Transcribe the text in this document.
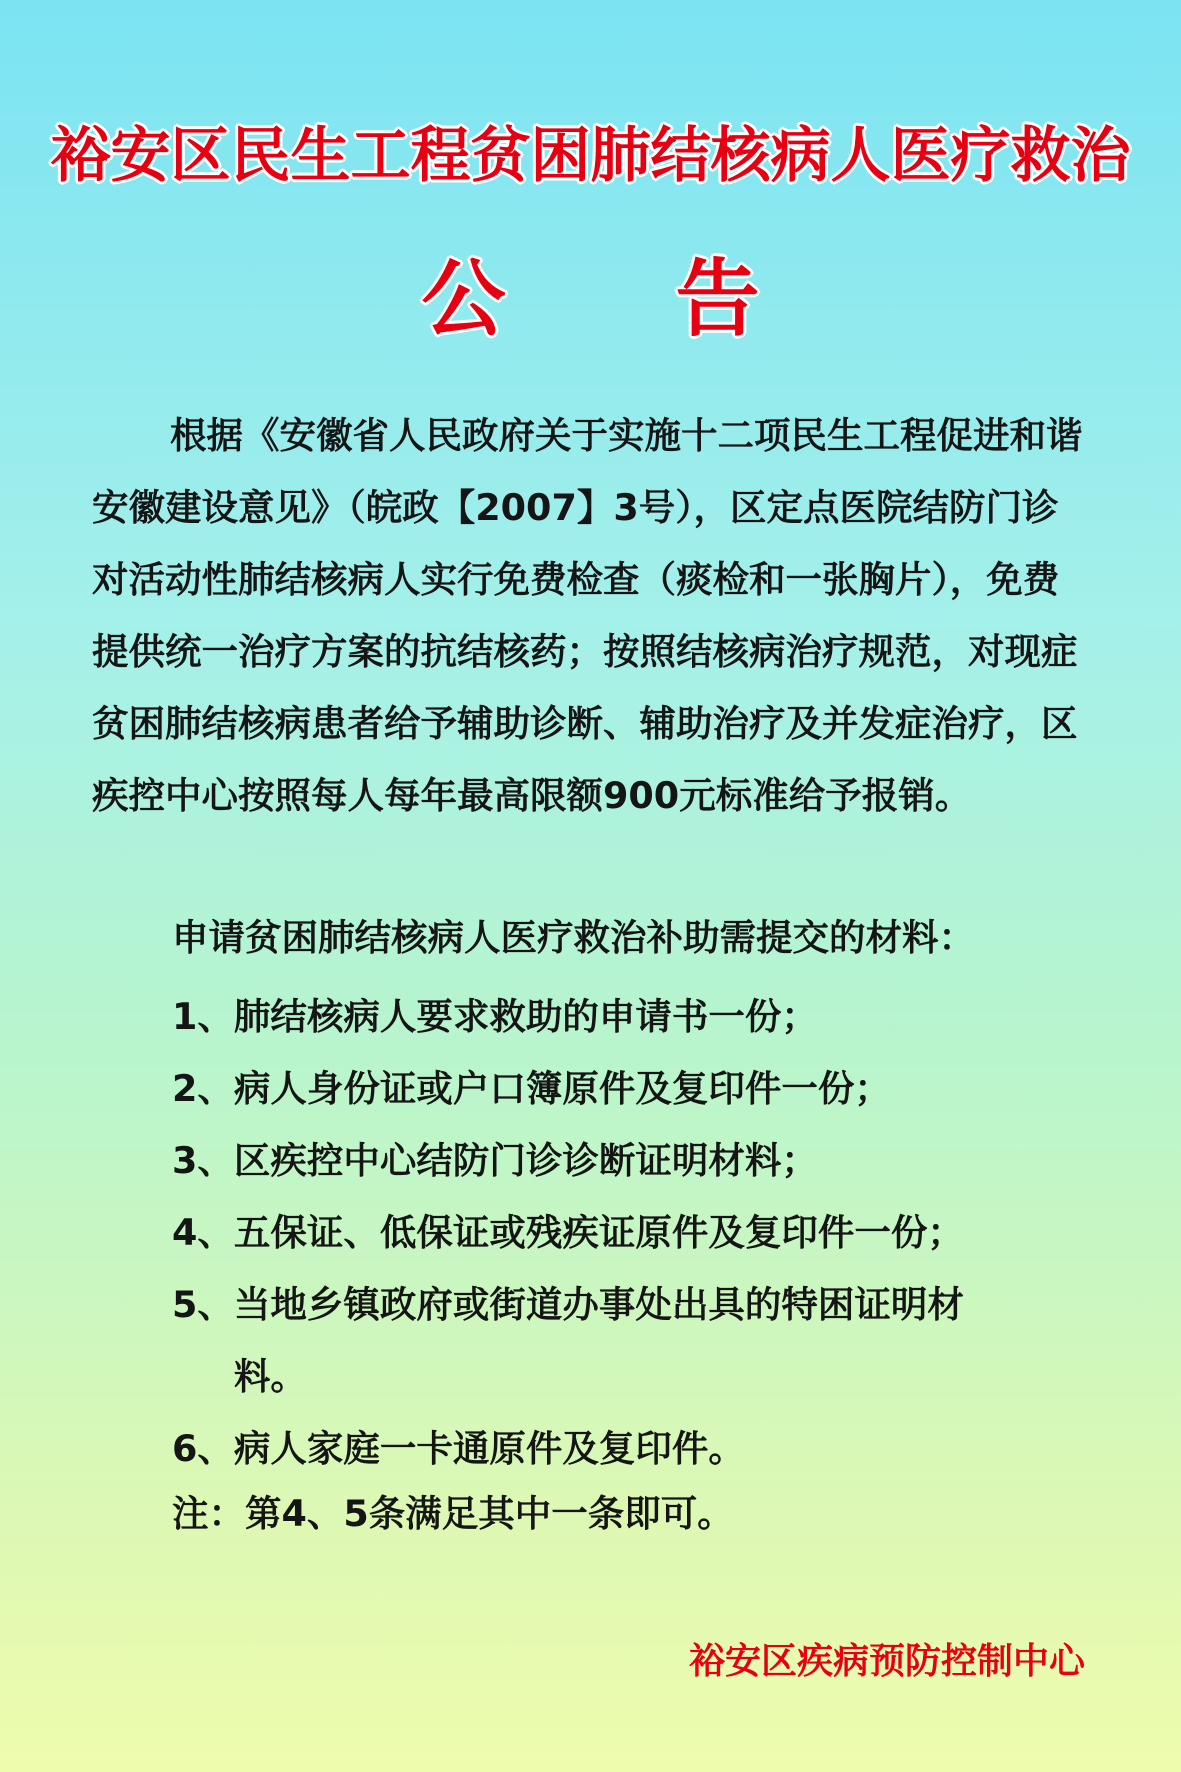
裕安区民生工程贫困肺结核病人医疗救治
公告
根据《安徽省人民政府关于实施十二项民生工程促进和谐安徽建设意见》（皖政【2007】3号），区定点医院结防门诊对活动性肺结核病人实行免费检查（痰检和一张胸片），免费提供统一治疗方案的抗结核药；按照结核病治疗规范，对现症贫困肺结核病患者给予辅助诊断、辅助治疗及并发症治疗，区疾控中心按照每人每年最高限额900元标准给予报销。
申请贫困肺结核病人医疗救治补助需提交的材料：
1、 肺结核病人要求救助的申请书一份；
2、 病人身份证或户口簿原件及复印件一份；
3、 区疾控中心结防门诊诊断证明材料；
4、 五保证、低保证或残疾证原件及复印件一份；
5、 当地乡镇政府或街道办事处出具的特困证明材料。
6、 病人家庭一卡通原件及复印件。
注：第4、5条满足其中一条即可。
裕安区疾病预防控制中心
